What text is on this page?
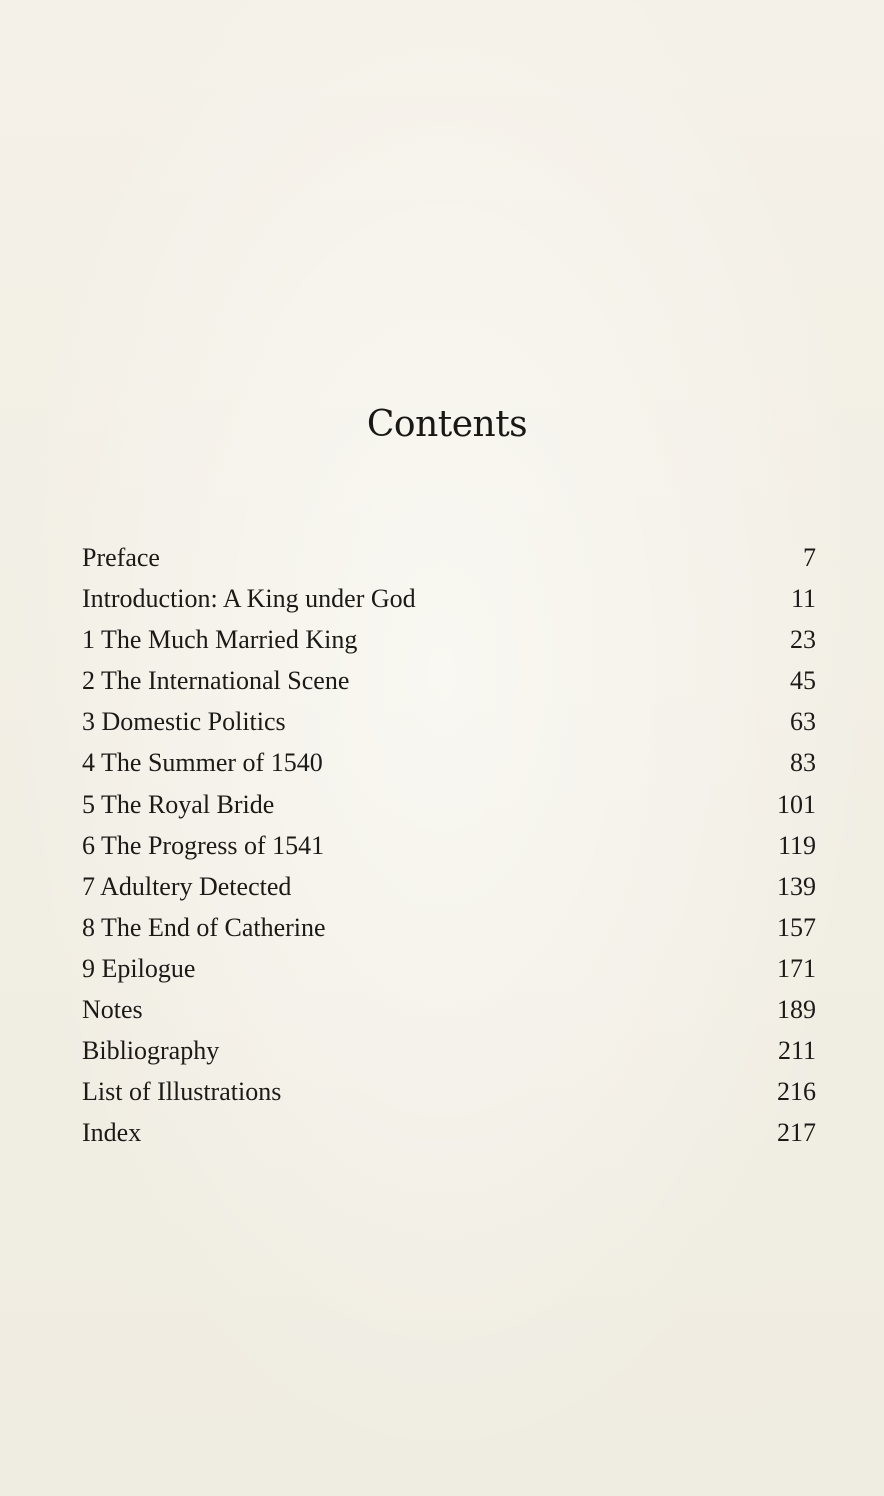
Contents
Preface	7
Introduction: A King under God	11
1 The Much Married King	23
2 The International Scene	45
3 Domestic Politics	63
4 The Summer of 1540	83
5 The Royal Bride	101
6 The Progress of 1541	119
7 Adultery Detected	139
8 The End of Catherine	157
9 Epilogue	171
Notes	189
Bibliography	211
List of Illustrations	216
Index	217
